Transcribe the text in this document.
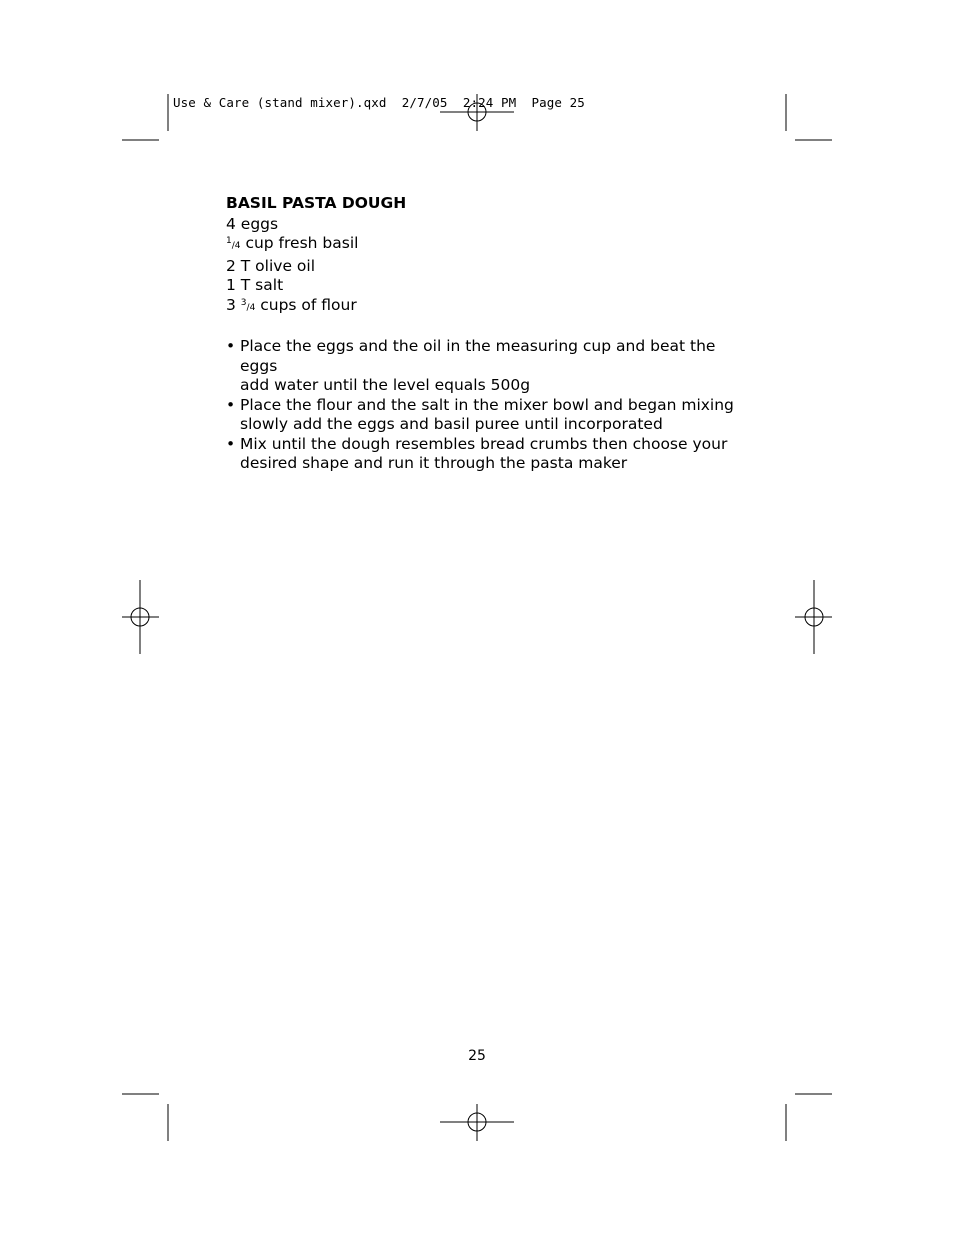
Use & Care (stand mixer).qxd 2/7/05 2:24 PM Page 25
BASIL PASTA DOUGH
4 eggs
$^1$/4 cup fresh basil
2 T olive oil
1 T salt
3 $^3$/4 cups of flour
• Place the eggs and the oil in the measuring cup and beat the eggs
add water until the level equals 500g
• Place the flour and the salt in the mixer bowl and began mixing
slowly add the eggs and basil puree until incorporated
• Mix until the dough resembles bread crumbs then choose your
desired shape and run it through the pasta maker
25
